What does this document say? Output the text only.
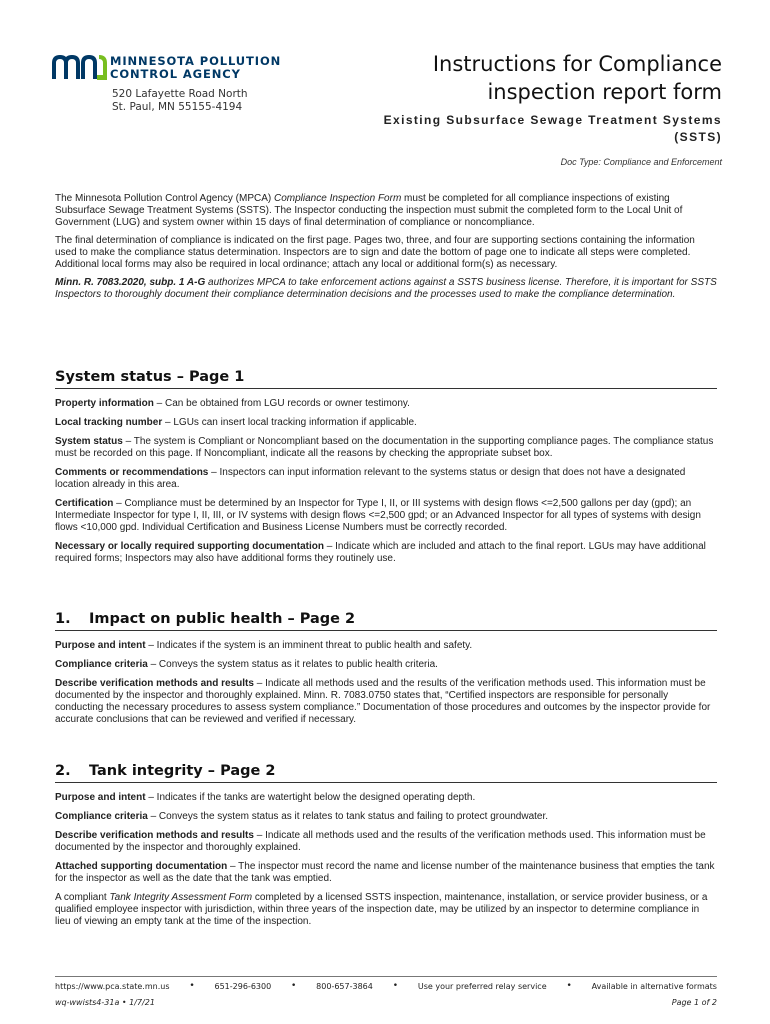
MINNESOTA POLLUTION
CONTROL AGENCY
520 Lafayette Road North
St. Paul, MN 55155-4194
Instructions for Compliance
inspection report form
Existing Subsurface Sewage Treatment Systems
(SSTS)
Doc Type: Compliance and Enforcement

The Minnesota Pollution Control Agency (MPCA) Compliance Inspection Form must be completed for all compliance inspections of existing Subsurface Sewage Treatment Systems (SSTS). The Inspector conducting the inspection must submit the completed form to the Local Unit of Government (LUG) and system owner within 15 days of final determination of compliance or noncompliance.

The final determination of compliance is indicated on the first page. Pages two, three, and four are supporting sections containing the information used to make the compliance status determination. Inspectors are to sign and date the bottom of page one to indicate all steps were completed. Additional local forms may also be required in local ordinance; attach any local or additional form(s) as necessary.

Minn. R. 7083.2020, subp. 1 A-G authorizes MPCA to take enforcement actions against a SSTS business license. Therefore, it is important for SSTS Inspectors to thoroughly document their compliance determination decisions and the processes used to make the compliance determination.

System status – Page 1

Property information – Can be obtained from LGU records or owner testimony.

Local tracking number – LGUs can insert local tracking information if applicable.

System status – The system is Compliant or Noncompliant based on the documentation in the supporting compliance pages. The compliance status must be recorded on this page. If Noncompliant, indicate all the reasons by checking the appropriate subset box.

Comments or recommendations – Inspectors can input information relevant to the systems status or design that does not have a designated location already in this area.

Certification – Compliance must be determined by an Inspector for Type I, II, or III systems with design flows <=2,500 gallons per day (gpd); an Intermediate Inspector for type I, II, III, or IV systems with design flows <=2,500 gpd; or an Advanced Inspector for all types of systems with design flows <10,000 gpd. Individual Certification and Business License Numbers must be correctly recorded.

Necessary or locally required supporting documentation – Indicate which are included and attach to the final report. LGUs may have additional required forms; Inspectors may also have additional forms they routinely use.

1. Impact on public health – Page 2

Purpose and intent – Indicates if the system is an imminent threat to public health and safety.

Compliance criteria – Conveys the system status as it relates to public health criteria.

Describe verification methods and results – Indicate all methods used and the results of the verification methods used. This information must be documented by the inspector and thoroughly explained. Minn. R. 7083.0750 states that, “Certified inspectors are responsible for personally conducting the necessary procedures to assess system compliance.” Documentation of those procedures and outcomes by the inspector provide for accurate conclusions that can be reviewed and verified if necessary.

2. Tank integrity – Page 2

Purpose and intent – Indicates if the tanks are watertight below the designed operating depth.

Compliance criteria – Conveys the system status as it relates to tank status and failing to protect groundwater.

Describe verification methods and results – Indicate all methods used and the results of the verification methods used. This information must be documented by the inspector and thoroughly explained.

Attached supporting documentation – The inspector must record the name and license number of the maintenance business that empties the tank for the inspector as well as the date that the tank was emptied.

A compliant Tank Integrity Assessment Form completed by a licensed SSTS inspection, maintenance, installation, or service provider business, or a qualified employee inspector with jurisdiction, within three years of the inspection date, may be utilized by an inspector to determine compliance in lieu of viewing an empty tank at the time of the inspection.

https://www.pca.state.mn.us • 651-296-6300 • 800-657-3864 • Use your preferred relay service • Available in alternative formats
wq-wwists4-31a • 1/7/21	Page 1 of 2
